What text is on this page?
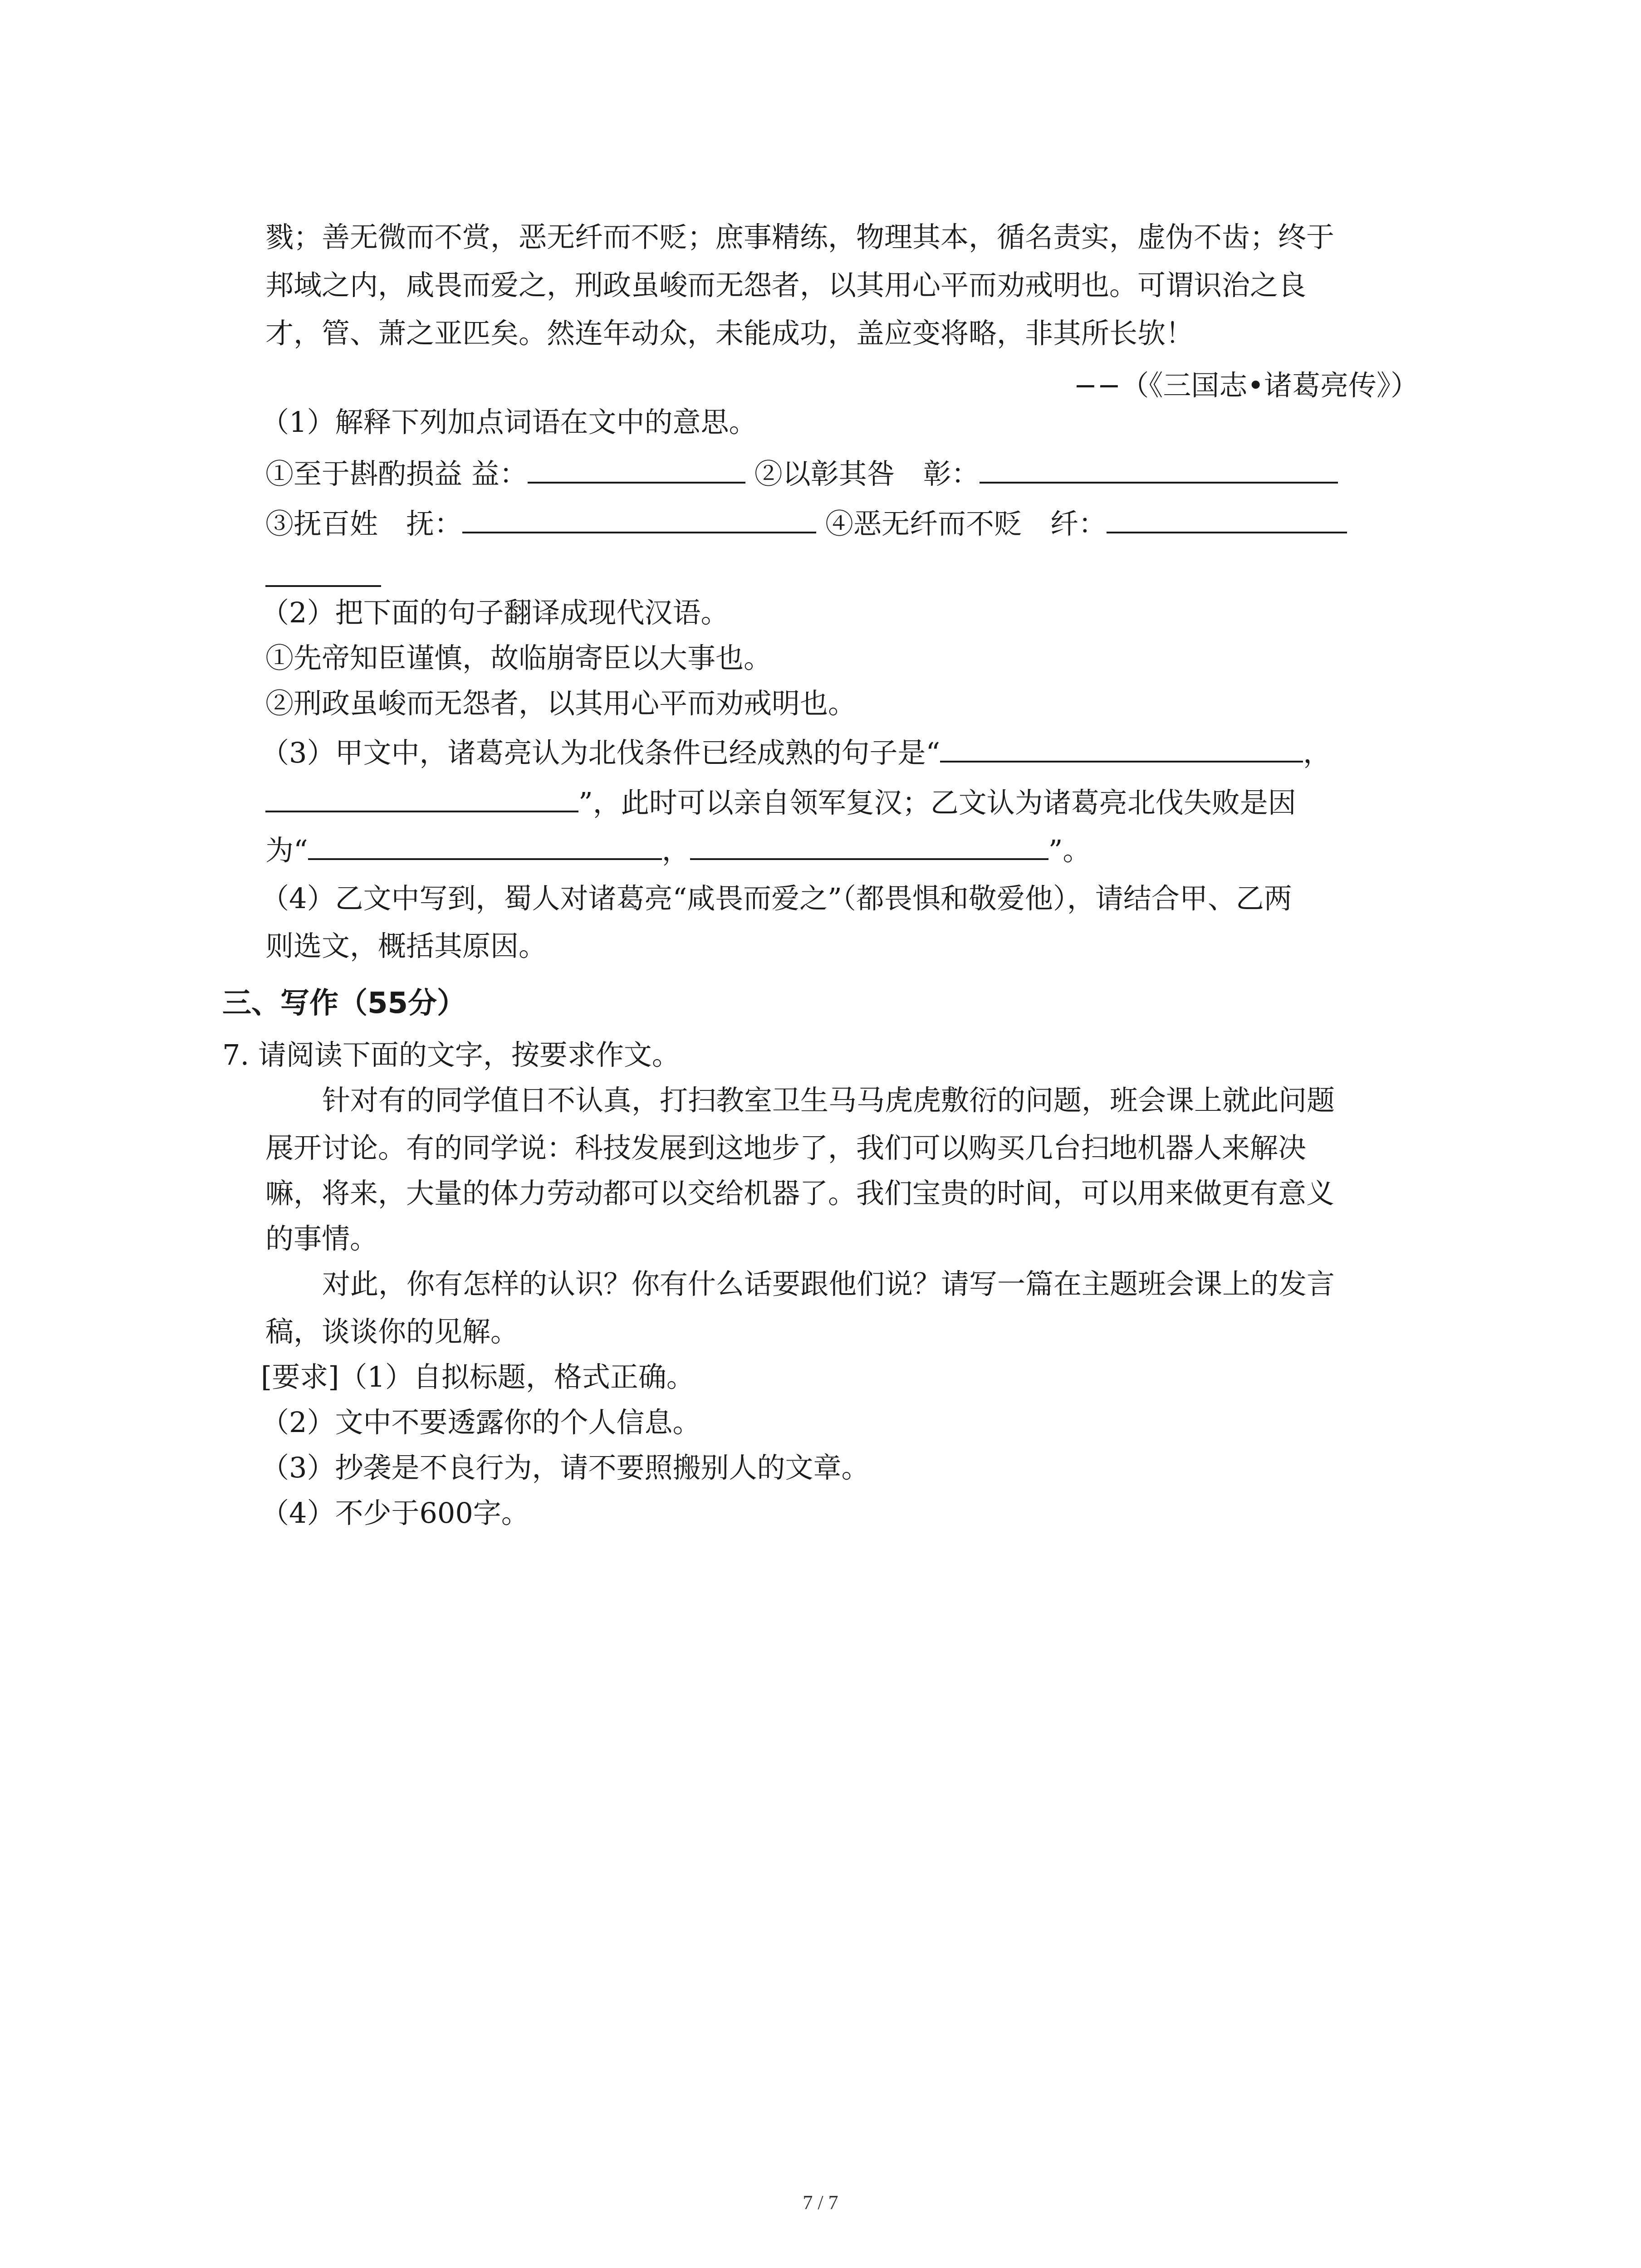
戮；善无微而不赏，恶无纤而不贬；庶事精练，物理其本，循名责实，虚伪不齿；终于
邦域之内，咸畏而爱之，刑政虽峻而无怨者，以其用心平而劝戒明也。可谓识治之良
才，管、萧之亚匹矣。然连年动众，未能成功，盖应变将略，非其所长欤！
−−（《三国志•诸葛亮传》）
（1）解释下列加点词语在文中的意思。
①至于斟酌损益 益：	②以彰其咎　彰：
③抚百姓　抚：	④恶无纤而不贬　纤：
（2）把下面的句子翻译成现代汉语。
①先帝知臣谨慎，故临崩寄臣以大事也。
②刑政虽峻而无怨者，以其用心平而劝戒明也。
（3）甲文中，诸葛亮认为北伐条件已经成熟的句子是“	，
”，此时可以亲自领军复汉；乙文认为诸葛亮北伐失败是因
为“	，	”。
（4）乙文中写到，蜀人对诸葛亮“咸畏而爱之”（都畏惧和敬爱他），请结合甲、乙两
则选文，概括其原因。
三、写作（55分）
7. 请阅读下面的文字，按要求作文。
针对有的同学值日不认真，打扫教室卫生马马虎虎敷衍的问题，班会课上就此问题
展开讨论。有的同学说：科技发展到这地步了，我们可以购买几台扫地机器人来解决
嘛，将来，大量的体力劳动都可以交给机器了。我们宝贵的时间，可以用来做更有意义
的事情。
对此，你有怎样的认识？你有什么话要跟他们说？请写一篇在主题班会课上的发言
稿，谈谈你的见解。
[要求]（1）自拟标题，格式正确。
（2）文中不要透露你的个人信息。
（3）抄袭是不良行为，请不要照搬别人的文章。
（4）不少于600字。
7 / 7
